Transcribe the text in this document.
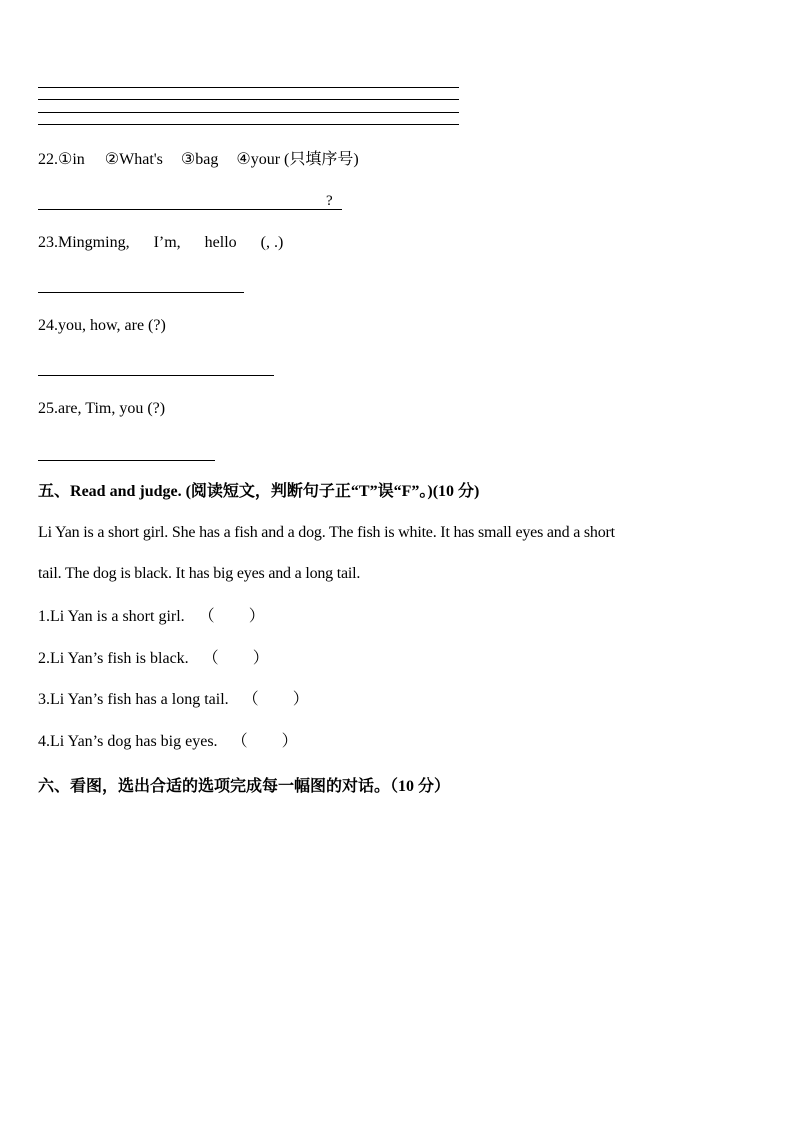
22.①in ②What's ③bag ④your (只填序号)
?
23.Mingming, I’m, hello (, .)
24.you, how, are (?)
25.are, Tim, you (?)
五、Read and judge. (阅读短文，判断句子正“T”误“F”。)(10 分)
Li Yan is a short girl. She has a fish and a dog. The fish is white. It has small eyes and a short
tail. The dog is black. It has big eyes and a long tail.
1.Li Yan is a short girl. （ ）
2.Li Yan’s fish is black. （ ）
3.Li Yan’s fish has a long tail. （ ）
4.Li Yan’s dog has big eyes. （ ）
六、看图，选出合适的选项完成每一幅图的对话。（10 分）
